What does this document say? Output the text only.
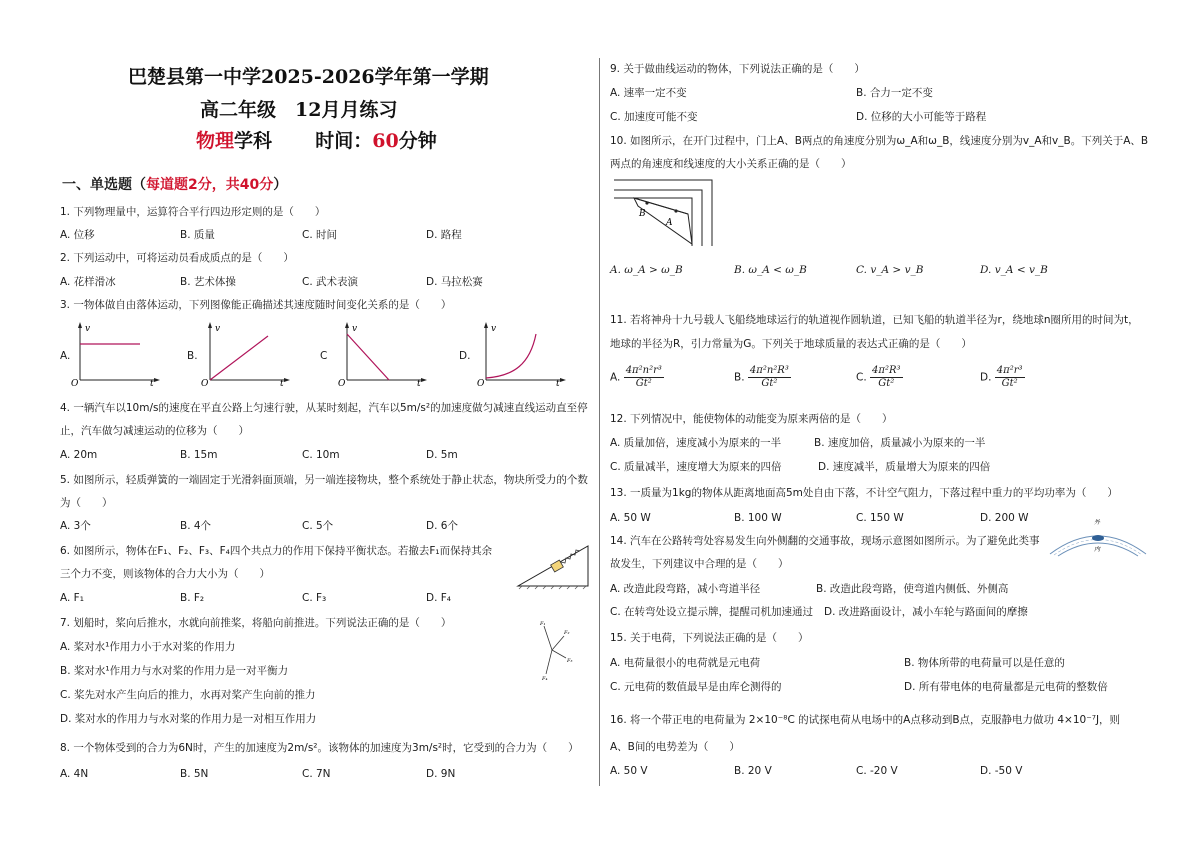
巴楚县第一中学2025-2026学年第一学期
高二年级　12月月练习
物理学科 时间：60分钟
一、单选题（每道题2分，共40分）
1. 下列物理量中，运算符合平行四边形定则的是（　　）
A. 位移	B. 质量	C. 时间	D. 路程
2. 下列运动中，可将运动员看成质点的是（　　）
A. 花样滑冰	B. 艺术体操	C. 武术表演	D. 马拉松赛
3. 一物体做自由落体运动，下列图像能正确描述其速度随时间变化关系的是（　　）
A.	B.	C	D.
v
O	t
v
O	t
v
O	t
v
O	t
4. 一辆汽车以10m/s的速度在平直公路上匀速行驶，从某时刻起，汽车以5m/s²的加速度做匀减速直线运动直至停
止，汽车做匀减速运动的位移为（　　）
A. 20m	B. 15m	C. 10m	D. 5m
5. 如图所示，轻质弹簧的一端固定于光滑斜面顶端，另一端连接物块，整个系统处于静止状态，物块所受力的个数
为（　　）
A. 3个	B. 4个	C. 5个	D. 6个
6. 如图所示，物体在F₁、F₂、F₃、F₄四个共点力的作用下保持平衡状态。若撤去F₁而保持其余
三个力不变，则该物体的合力大小为（　　）
A. F₁	B. F₂	C. F₃	D. F₄
7. 划船时，桨向后推水，水就向前推桨，将船向前推进。下列说法正确的是（　　）
A. 桨对水¹作用力小于水对桨的作用力
B. 桨对水¹作用力与水对桨的作用力是一对平衡力
C. 桨先对水产生向后的推力，水再对桨产生向前的推力
D. 桨对水的作用力与水对桨的作用力是一对相互作用力
F₁
F₂
F₃
F₄
8. 一个物体受到的合力为6N时，产生的加速度为2m/s²。该物体的加速度为3m/s²时，它受到的合力为（　　）
A. 4N	B. 5N	C. 7N	D. 9N
9. 关于做曲线运动的物体，下列说法正确的是（　　）
A. 速率一定不变	B. 合力一定不变
C. 加速度可能不变	D. 位移的大小可能等于路程
10. 如图所示，在开门过程中，门上A、B两点的角速度分别为ω_A和ω_B，线速度分别为v_A和v_B。下列关于A、B
两点的角速度和线速度的大小关系正确的是（　　）
B
A
A. ω_A > ω_B	B. ω_A < ω_B	C. v_A > v_B	D. v_A < v_B
11. 若将神舟十九号载人飞船绕地球运行的轨道视作圆轨道，已知飞船的轨道半径为r，绕地球n圈所用的时间为t，
地球的半径为R，引力常量为G。下列关于地球质量的表达式正确的是（　　）
A. $\frac{\text{4π²n²r³}}{\text{Gt²}}$	B. $\frac{\text{4π²n²R³}}{\text{Gt²}}$	C. $\frac{\text{4π²R³}}{\text{Gt²}}$	D. $\frac{\text{4π²r³}}{\text{Gt²}}$
12. 下列情况中，能使物体的动能变为原来两倍的是（　　）
A. 质量加倍，速度减小为原来的一半	B. 速度加倍，质量减小为原来的一半
C. 质量减半，速度增大为原来的四倍	D. 速度减半，质量增大为原来的四倍
13. 一质量为1kg的物体从距离地面高5m处自由下落，不计空气阻力，下落过程中重力的平均功率为（　　）
A. 50 W	B. 100 W	C. 150 W	D. 200 W
14. 汽车在公路转弯处容易发生向外侧翻的交通事故，现场示意图如图所示。为了避免此类事
故发生，下列建议中合理的是（　　）
外
内
A. 改造此段弯路，减小弯道半径	B. 改造此段弯路，使弯道内侧低、外侧高
C. 在转弯处设立提示牌，提醒司机加速通过 D. 改进路面设计，减小车轮与路面间的摩擦
15. 关于电荷，下列说法正确的是（　　）
A. 电荷量很小的电荷就是元电荷	B. 物体所带的电荷量可以是任意的
C. 元电荷的数值最早是由库仑测得的	D. 所有带电体的电荷量都是元电荷的整数倍
16. 将一个带正电的电荷量为 2×10⁻⁸C 的试探电荷从电场中的A点移动到B点，克服静电力做功 4×10⁻⁷J，则
A、B间的电势差为（　　）
A. 50 V	B. 20 V	C. -20 V	D. -50 V
